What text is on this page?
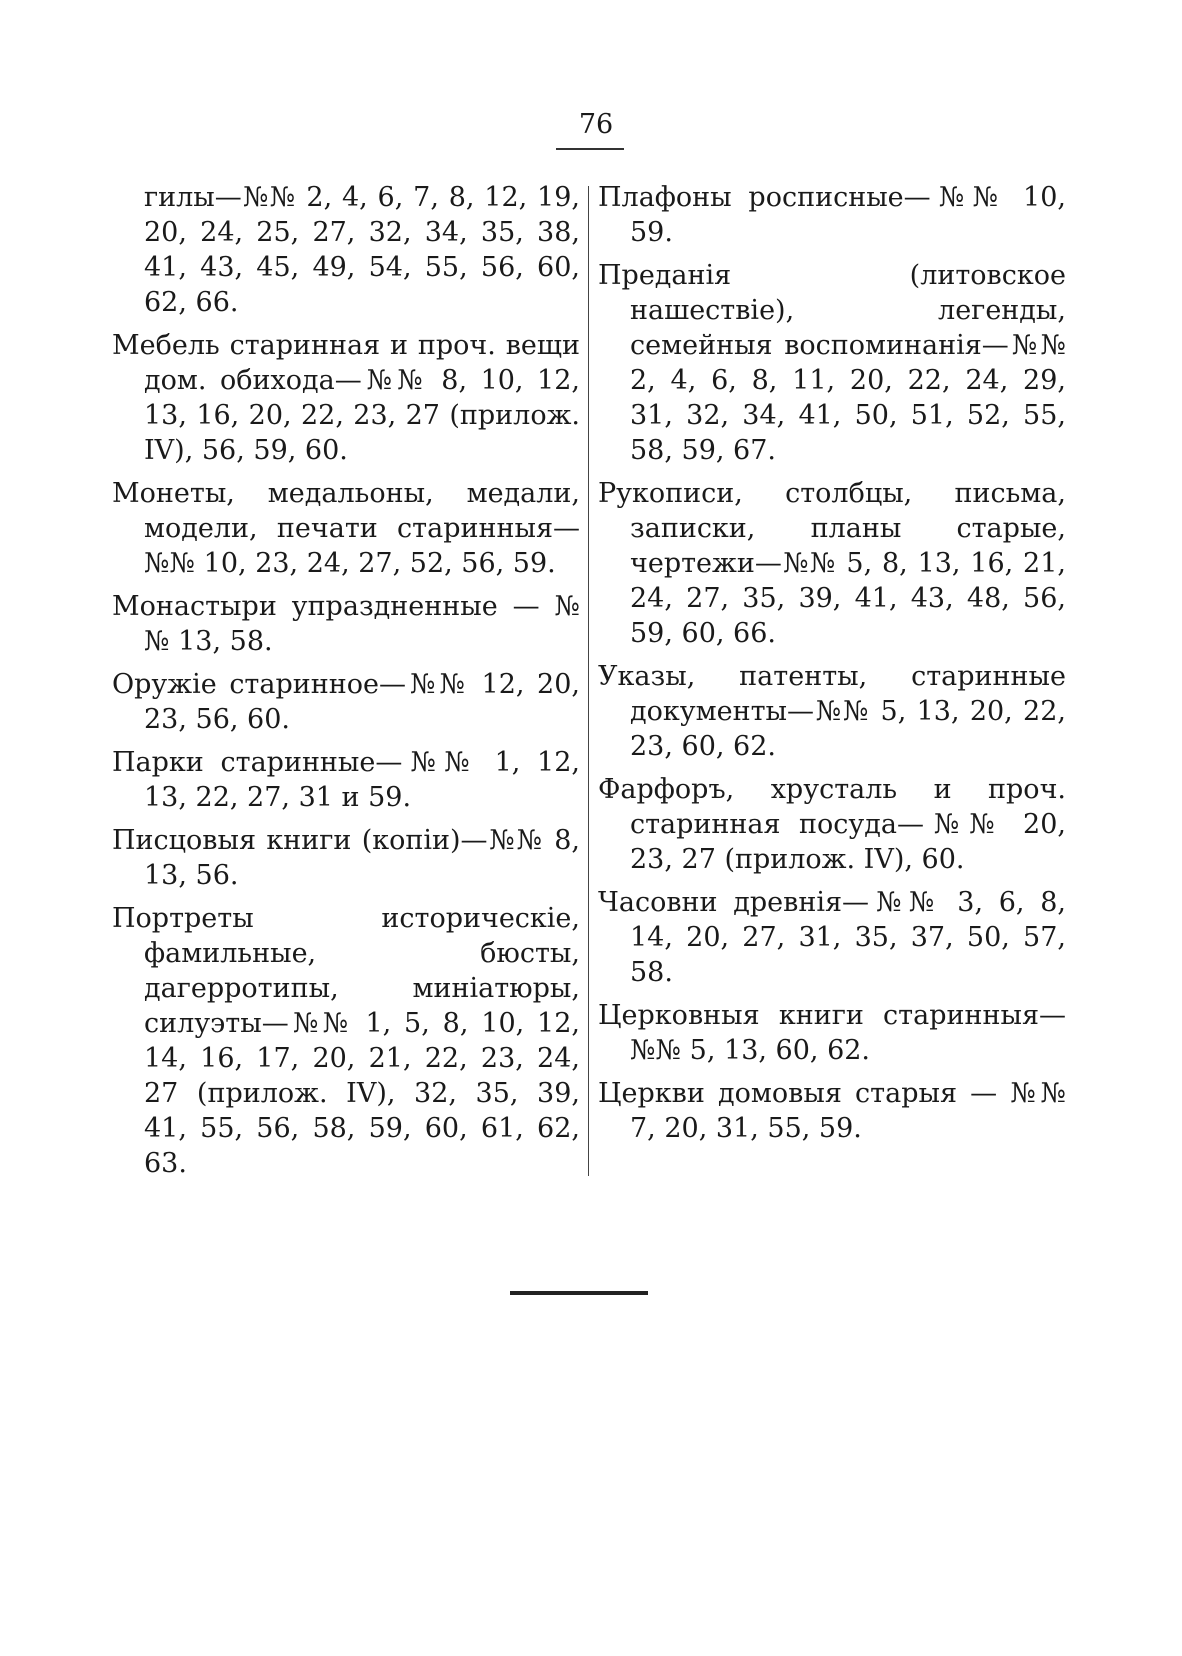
76

гилы—№№ 2, 4, 6, 7, 8, 12, 19, 20, 24, 25, 27, 32, 34, 35, 38, 41, 43, 45, 49, 54, 55, 56, 60, 62, 66.

Мебель старинная и проч. вещи дом. обихода—№№ 8, 10, 12, 13, 16, 20, 22, 23, 27 (прилож. IV), 56, 59, 60.

Монеты, медальоны, медали, модели, печати старинныя—№№ 10, 23, 24, 27, 52, 56, 59.

Монастыри упраздненные — №№ 13, 58.

Оружіе старинное—№№ 12, 20, 23, 56, 60.

Парки старинные—№№ 1, 12, 13, 22, 27, 31 и 59.

Писцовыя книги (копіи)—№№ 8, 13, 56.

Портреты историческіе, фамильные, бюсты, дагерротипы, миніатюры, силуэты—№№ 1, 5, 8, 10, 12, 14, 16, 17, 20, 21, 22, 23, 24, 27 (прилож. IV), 32, 35, 39, 41, 55, 56, 58, 59, 60, 61, 62, 63.

Плафоны росписные—№№ 10, 59.

Преданія (литовское нашествіе), легенды, семейныя воспоминанія—№№ 2, 4, 6, 8, 11, 20, 22, 24, 29, 31, 32, 34, 41, 50, 51, 52, 55, 58, 59, 67.

Рукописи, столбцы, письма, записки, планы старые, чертежи—№№ 5, 8, 13, 16, 21, 24, 27, 35, 39, 41, 43, 48, 56, 59, 60, 66.

Указы, патенты, старинные документы—№№ 5, 13, 20, 22, 23, 60, 62.

Фарфоръ, хрусталь и проч. старинная посуда—№№ 20, 23, 27 (прилож. IV), 60.

Часовни древнія—№№ 3, 6, 8, 14, 20, 27, 31, 35, 37, 50, 57, 58.

Церковныя книги старинныя—№№ 5, 13, 60, 62.

Церкви домовыя старыя — №№ 7, 20, 31, 55, 59.
